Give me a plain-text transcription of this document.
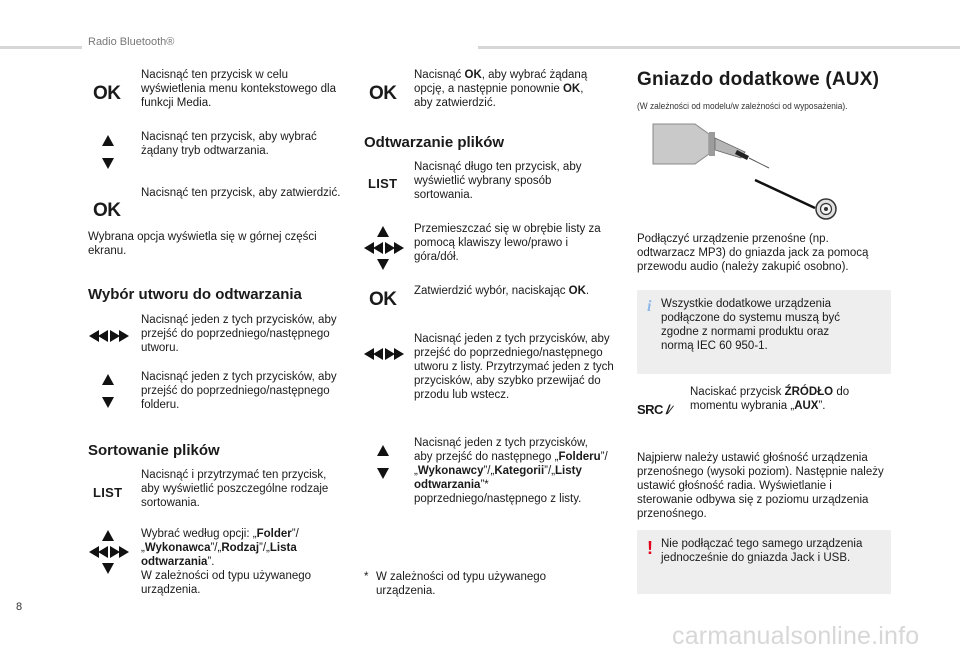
Radio Bluetooth®
OK

Nacisnąć ten przycisk w celu wyświetlenia menu kontekstowego dla funkcji Media.

Nacisnąć ten przycisk, aby wybrać żądany tryb odtwarzania.

OK

Nacisnąć ten przycisk, aby zatwierdzić.

Wybrana opcja wyświetla się w górnej części ekranu.

Wybór utworu do odtwarzania

Nacisnąć jeden z tych przycisków, aby przejść do poprzedniego/następnego utworu.

Nacisnąć jeden z tych przycisków, aby przejść do poprzedniego/następnego folderu.

Sortowanie plików
LIST

Nacisnąć i przytrzymać ten przycisk, aby wyświetlić poszczególne rodzaje sortowania.

Wybrać według opcji: „Folder”/„Wykonawca”/„Rodzaj”/„Lista odtwarzania”.
W zależności od typu używanego urządzenia.

OK

Nacisnąć OK, aby wybrać żądaną opcję, a następnie ponownie OK, aby zatwierdzić.

Odtwarzanie plików
LIST

Nacisnąć długo ten przycisk, aby wyświetlić wybrany sposób sortowania.

Przemieszczać się w obrębie listy za pomocą klawiszy lewo/prawo i góra/dół.

OK Zatwierdzić wybór, naciskając OK.

Nacisnąć jeden z tych przycisków, aby przejść do poprzedniego/następnego utworu z listy. Przytrzymać jeden z tych przycisków, aby szybko przewijać do przodu lub wstecz.

Nacisnąć jeden z tych przycisków, aby przejść do następnego „Folderu”/„Wykonawcy”/„Kategorii”/„Listy odtwarzania”* poprzedniego/następnego z listy.

* W zależności od typu używanego urządzenia.

Gniazdo dodatkowe (AUX)

(W zależności od modelu/w zależności od wyposażenia).

Podłączyć urządzenie przenośne (np. odtwarzacz MP3) do gniazda jack za pomocą przewodu audio (należy zakupić osobno).

i Wszystkie dodatkowe urządzenia podłączone do systemu muszą być zgodne z normami produktu oraz normą IEC 60 950-1.

SRC /∕

Naciskać przycisk ŹRÓDŁO do momentu wybrania „AUX”.

Najpierw należy ustawić głośność urządzenia przenośnego (wysoki poziom). Następnie należy ustawić głośność radia. Wyświetlanie i sterowanie odbywa się z poziomu urządzenia przenośnego.

! Nie podłączać tego samego urządzenia jednocześnie do gniazda Jack i USB.

8
carmanualsonline.info
